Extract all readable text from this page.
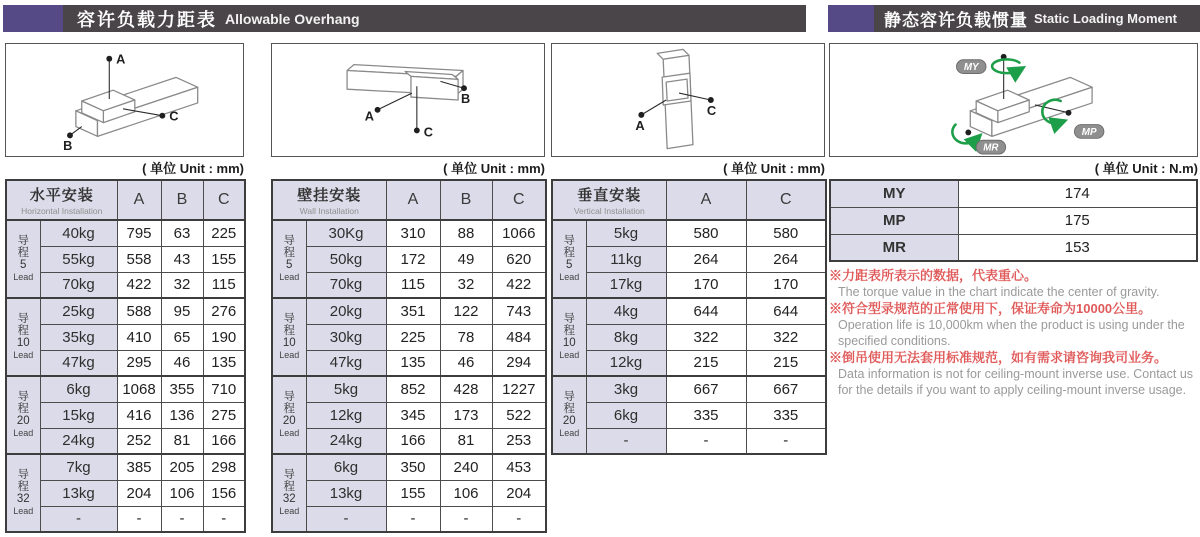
容许负载力距表 Allowable Overhang	静态容许负载惯量 Static Loading Moment
A
B
C
( 单位 Unit : mm)
水平安装
Horizontal Installation		A	B	C

导
程
5
Lead	40kg	795	63	225
	55kg	558	43	155
	70kg	422	32	115

导
程
10
Lead	25kg	588	95	276
	35kg	410	65	190
	47kg	295	46	135

导
程
20
Lead	6kg	1068	355	710
	15kg	416	136	275
	24kg	252	81	166

导
程
32
Lead	7kg	385	205	298
	13kg	204	106	156
	-	-	-	-
A
C
B
( 单位 Unit : mm)
壁挂安装
Wall Installation		A	B	C

导
程
5
Lead	30Kg	310	88	1066
	50kg	172	49	620
	70kg	115	32	422

导
程
10
Lead	20kg	351	122	743
	30kg	225	78	484
	47kg	135	46	294

导
程
20
Lead	5kg	852	428	1227
	12kg	345	173	522
	24kg	166	81	253

导
程
32
Lead	6kg	350	240	453
	13kg	155	106	204
	-	-	-	-
A
C
( 单位 Unit : mm)
垂直安装
Vertical Installation		A	C

导
程
5
Lead	5kg	580	580
	11kg	264	264
	17kg	170	170

导
程
10
Lead	4kg	644	644
	8kg	322	322
	12kg	215	215

导
程
20
Lead	3kg	667	667
	6kg	335	335
	-	-	-
MY
MP
MR
( 单位 Unit : N.m)
MY	174
MP	175
MR	153
※力距表所表示的数据，代表重心。
The torque value in the chart indicate the center of gravity.
※符合型录规范的正常使用下，保证寿命为10000公里。
Operation life is 10,000km when the product is using under the specified conditions.
※倒吊使用无法套用标准规范，如有需求请咨询我司业务。
Data information is not for ceiling-mount inverse use. Contact us for the details if you want to apply ceiling-mount inverse usage.
